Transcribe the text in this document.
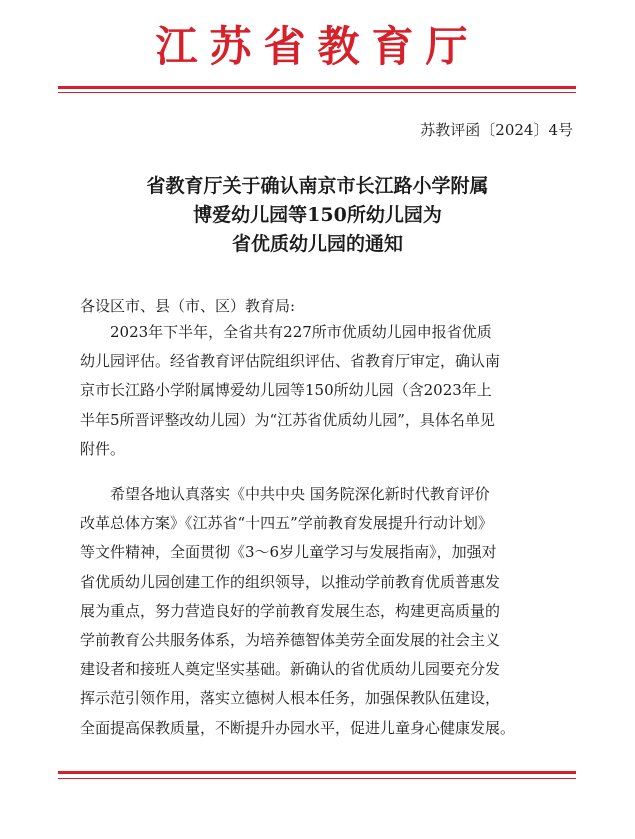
江苏省教育厅
苏教评函〔2024〕4号
省教育厅关于确认南京市长江路小学附属
博爱幼儿园等150所幼儿园为
省优质幼儿园的通知
各设区市、县（市、区）教育局:
2023年下半年，全省共有227所市优质幼儿园申报省优质
幼儿园评估。经省教育评估院组织评估、省教育厅审定，确认南
京市长江路小学附属博爱幼儿园等150所幼儿园（含2023年上
半年5所晋评整改幼儿园）为“江苏省优质幼儿园”，具体名单见
附件。
希望各地认真落实《中共中央 国务院深化新时代教育评价
改革总体方案》《江苏省“十四五”学前教育发展提升行动计划》
等文件精神，全面贯彻《3～6岁儿童学习与发展指南》，加强对
省优质幼儿园创建工作的组织领导，以推动学前教育优质普惠发
展为重点，努力营造良好的学前教育发展生态，构建更高质量的
学前教育公共服务体系，为培养德智体美劳全面发展的社会主义
建设者和接班人奠定坚实基础。新确认的省优质幼儿园要充分发
挥示范引领作用，落实立德树人根本任务，加强保教队伍建设，
全面提高保教质量，不断提升办园水平，促进儿童身心健康发展。
